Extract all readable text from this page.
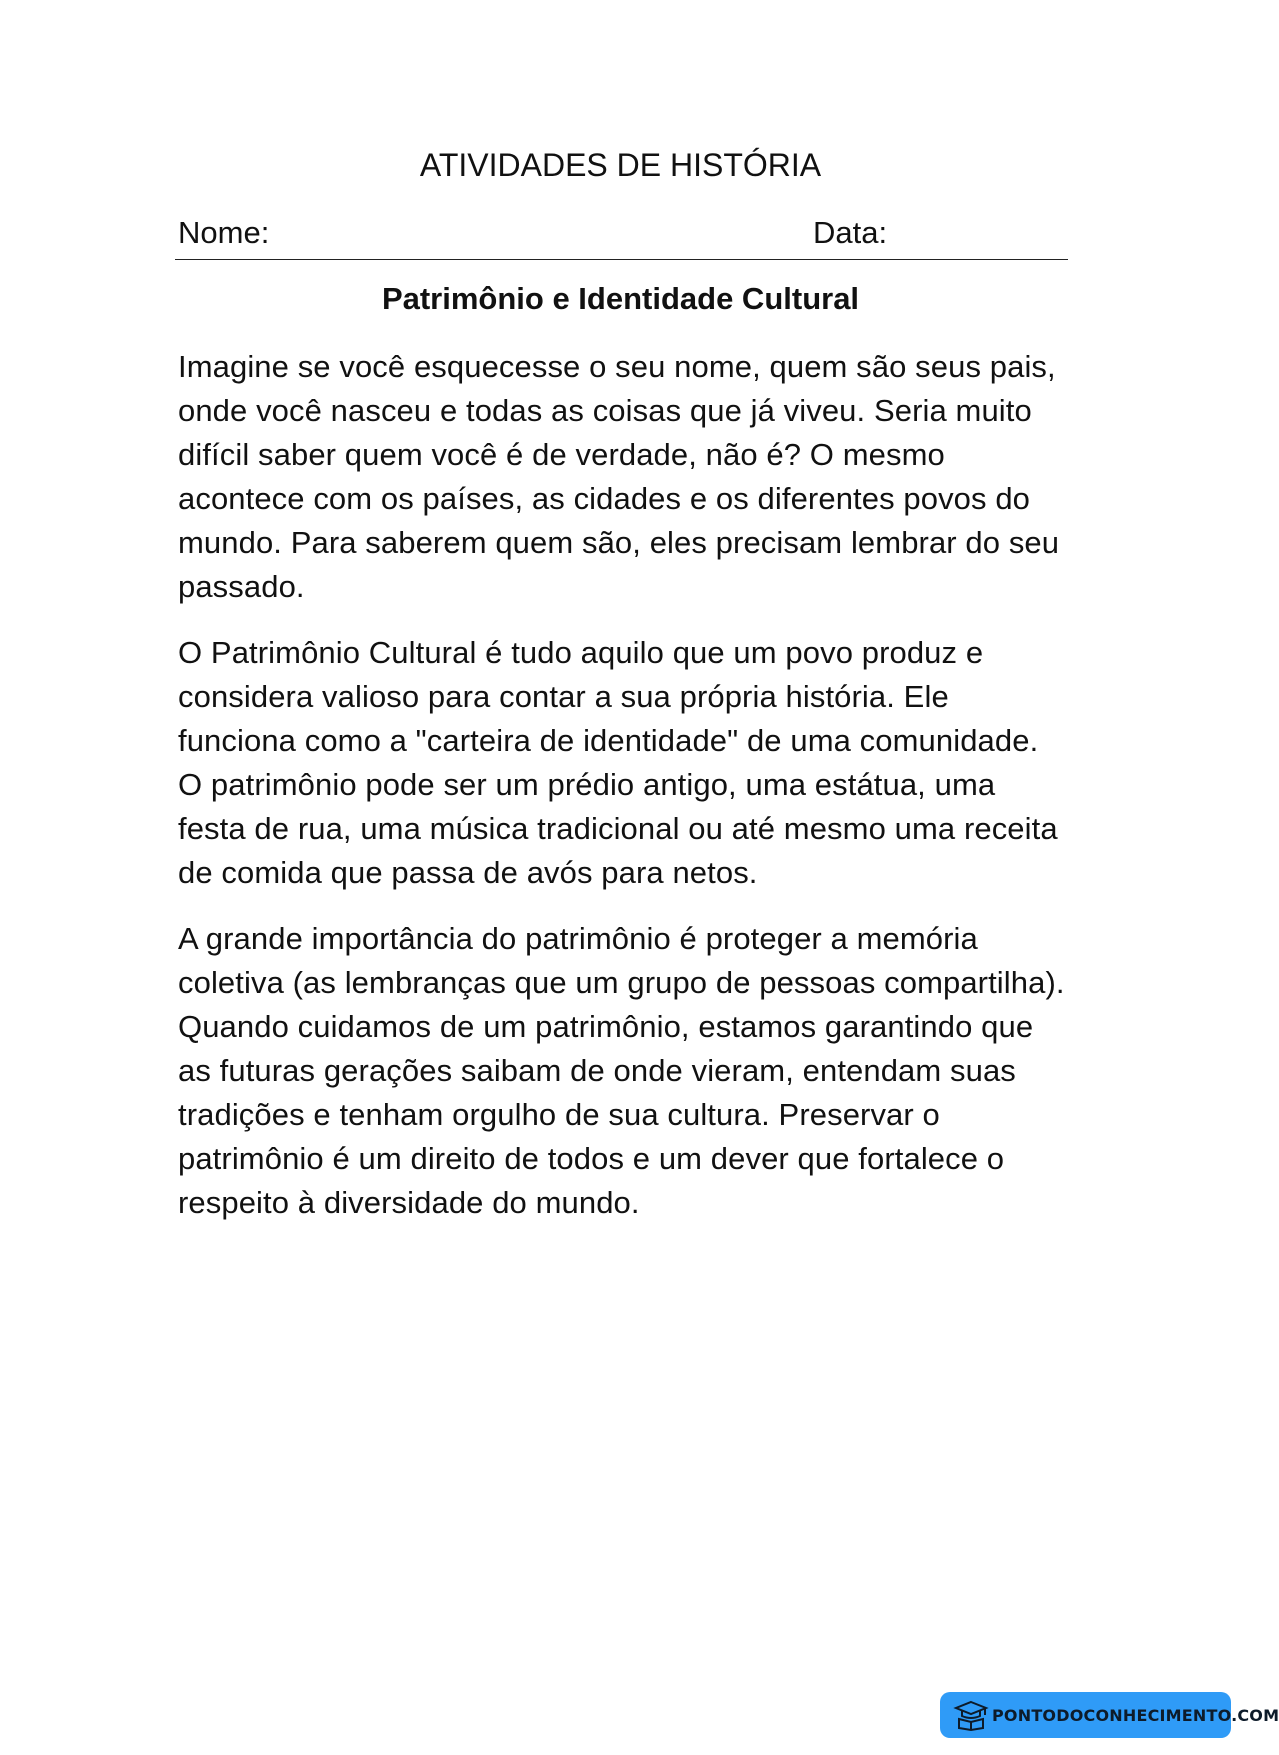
ATIVIDADES DE HISTÓRIA
Nome:	Data:
Patrimônio e Identidade Cultural

Imagine se você esquecesse o seu nome, quem são seus pais, onde você nasceu e todas as coisas que já viveu. Seria muito difícil saber quem você é de verdade, não é? O mesmo acontece com os países, as cidades e os diferentes povos do mundo. Para saberem quem são, eles precisam lembrar do seu passado.

O Patrimônio Cultural é tudo aquilo que um povo produz e considera valioso para contar a sua própria história. Ele funciona como a "carteira de identidade" de uma comunidade. O patrimônio pode ser um prédio antigo, uma estátua, uma festa de rua, uma música tradicional ou até mesmo uma receita de comida que passa de avós para netos.

A grande importância do patrimônio é proteger a memória coletiva (as lembranças que um grupo de pessoas compartilha). Quando cuidamos de um patrimônio, estamos garantindo que as futuras gerações saibam de onde vieram, entendam suas tradições e tenham orgulho de sua cultura. Preservar o patrimônio é um direito de todos e um dever que fortalece o respeito à diversidade do mundo.

PONTODOCONHECIMENTO.COM
